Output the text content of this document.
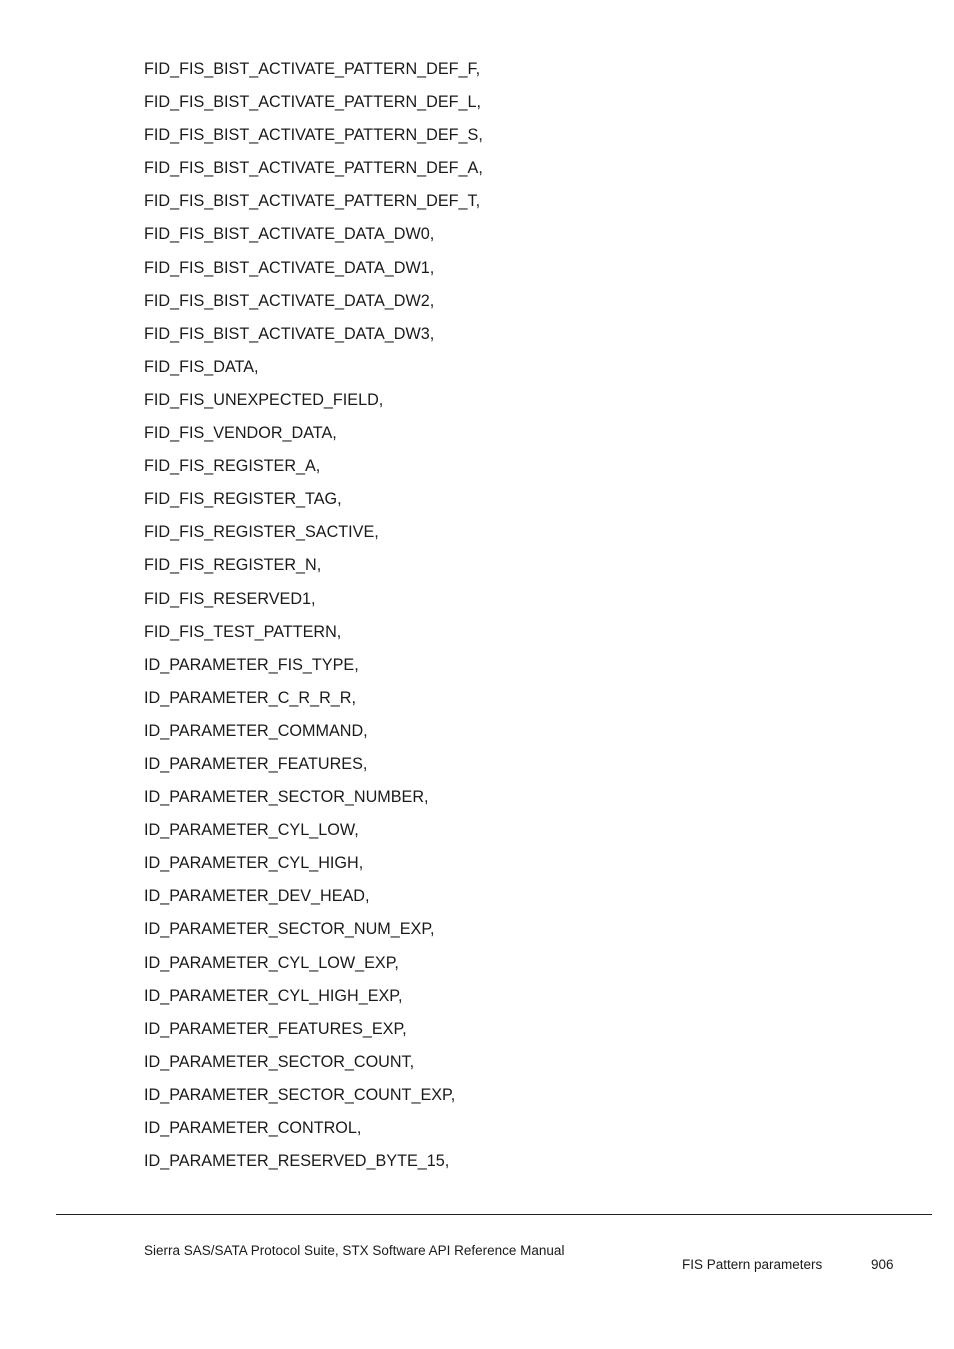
FID_FIS_BIST_ACTIVATE_PATTERN_DEF_F,
FID_FIS_BIST_ACTIVATE_PATTERN_DEF_L,
FID_FIS_BIST_ACTIVATE_PATTERN_DEF_S,
FID_FIS_BIST_ACTIVATE_PATTERN_DEF_A,
FID_FIS_BIST_ACTIVATE_PATTERN_DEF_T,
FID_FIS_BIST_ACTIVATE_DATA_DW0,
FID_FIS_BIST_ACTIVATE_DATA_DW1,
FID_FIS_BIST_ACTIVATE_DATA_DW2,
FID_FIS_BIST_ACTIVATE_DATA_DW3,
FID_FIS_DATA,
FID_FIS_UNEXPECTED_FIELD,
FID_FIS_VENDOR_DATA,
FID_FIS_REGISTER_A,
FID_FIS_REGISTER_TAG,
FID_FIS_REGISTER_SACTIVE,
FID_FIS_REGISTER_N,
FID_FIS_RESERVED1,
FID_FIS_TEST_PATTERN,
ID_PARAMETER_FIS_TYPE,
ID_PARAMETER_C_R_R_R,
ID_PARAMETER_COMMAND,
ID_PARAMETER_FEATURES,
ID_PARAMETER_SECTOR_NUMBER,
ID_PARAMETER_CYL_LOW,
ID_PARAMETER_CYL_HIGH,
ID_PARAMETER_DEV_HEAD,
ID_PARAMETER_SECTOR_NUM_EXP,
ID_PARAMETER_CYL_LOW_EXP,
ID_PARAMETER_CYL_HIGH_EXP,
ID_PARAMETER_FEATURES_EXP,
ID_PARAMETER_SECTOR_COUNT,
ID_PARAMETER_SECTOR_COUNT_EXP,
ID_PARAMETER_CONTROL,
ID_PARAMETER_RESERVED_BYTE_15,
Sierra SAS/SATA Protocol Suite, STX Software API Reference Manual
FIS Pattern parameters	906
